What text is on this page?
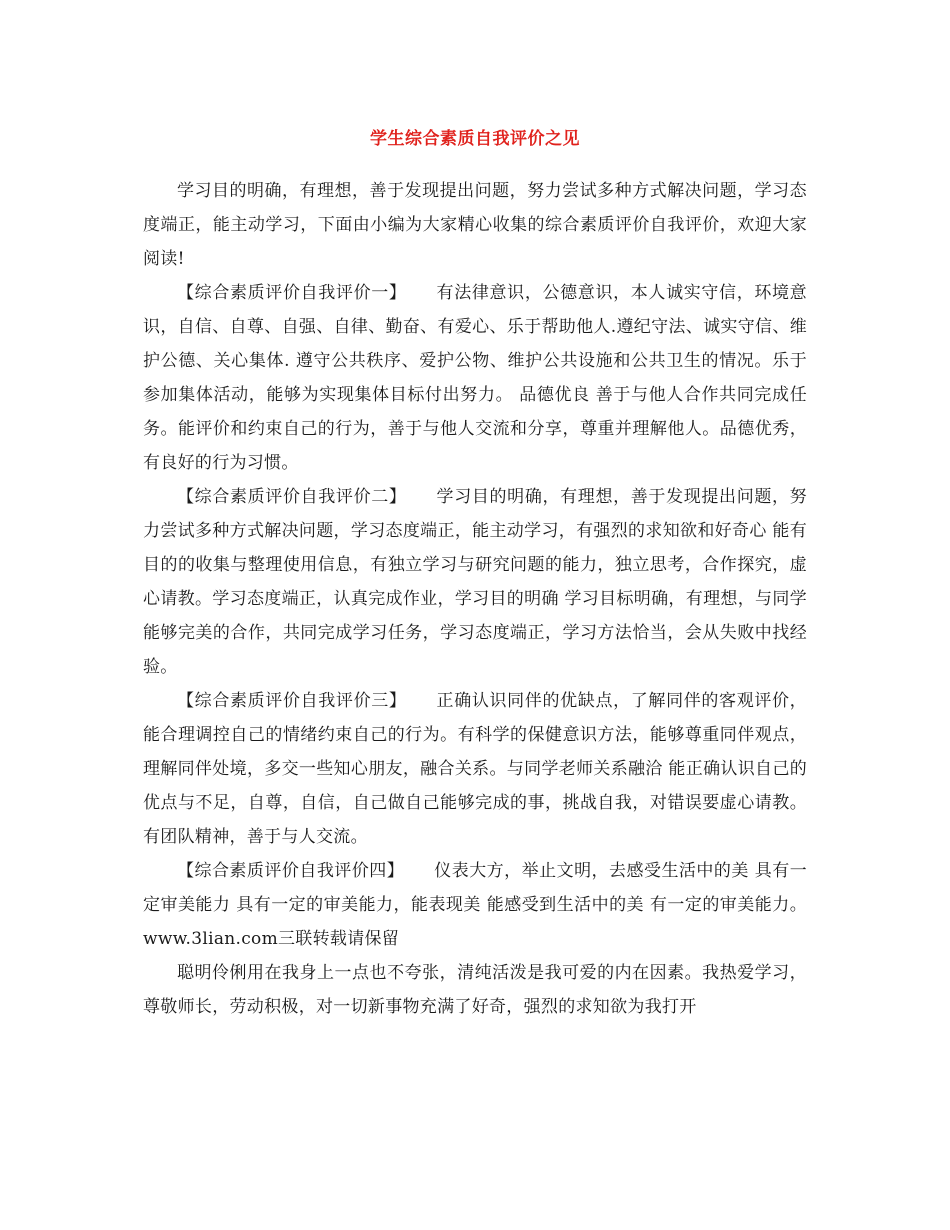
学生综合素质自我评价之见

学习目的明确，有理想，善于发现提出问题，努力尝试多种方式解决问题，学习态度端正，能主动学习，下面由小编为大家精心收集的综合素质评价自我评价，欢迎大家阅读!

【综合素质评价自我评价一】 有法律意识，公德意识，本人诚实守信，环境意识，自信、自尊、自强、自律、勤奋、有爱心、乐于帮助他人.遵纪守法、诚实守信、维护公德、关心集体. 遵守公共秩序、爱护公物、维护公共设施和公共卫生的情况。乐于参加集体活动，能够为实现集体目标付出努力。 品德优良 善于与他人合作共同完成任务。能评价和约束自己的行为，善于与他人交流和分享，尊重并理解他人。品德优秀，有良好的行为习惯。

【综合素质评价自我评价二】 学习目的明确，有理想，善于发现提出问题，努力尝试多种方式解决问题，学习态度端正，能主动学习，有强烈的求知欲和好奇心 能有目的的收集与整理使用信息，有独立学习与研究问题的能力，独立思考，合作探究，虚心请教。学习态度端正，认真完成作业，学习目的明确 学习目标明确，有理想，与同学能够完美的合作，共同完成学习任务，学习态度端正，学习方法恰当，会从失败中找经验。

【综合素质评价自我评价三】 正确认识同伴的优缺点，了解同伴的客观评价，能合理调控自己的情绪约束自己的行为。有科学的保健意识方法，能够尊重同伴观点，理解同伴处境，多交一些知心朋友，融合关系。与同学老师关系融洽 能正确认识自己的优点与不足，自尊，自信，自己做自己能够完成的事，挑战自我，对错误要虚心请教。有团队精神，善于与人交流。

【综合素质评价自我评价四】 仪表大方，举止文明，去感受生活中的美 具有一定审美能力 具有一定的审美能力，能表现美 能感受到生活中的美 有一定的审美能力。www.3lian.com三联转载请保留

聪明伶俐用在我身上一点也不夸张，清纯活泼是我可爱的内在因素。我热爱学习，尊敬师长，劳动积极，对一切新事物充满了好奇，强烈的求知欲为我打开
